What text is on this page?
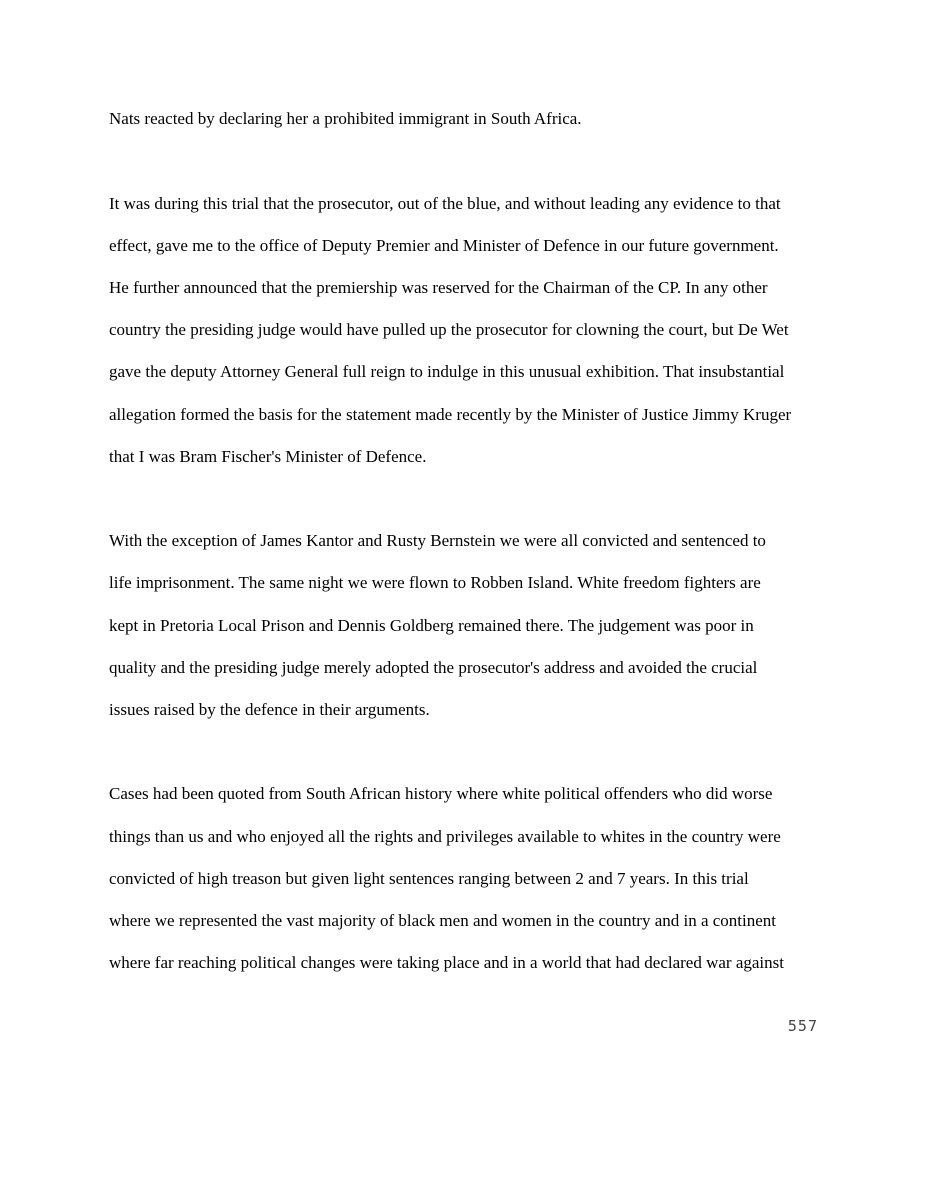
Nats reacted by declaring her a prohibited immigrant in South Africa.
It was during this trial that the prosecutor, out of the blue, and without leading any evidence to that
effect, gave me to the office of Deputy Premier and Minister of Defence in our future government.
He further announced that the premiership was reserved for the Chairman of the CP. In any other
country the presiding judge would have pulled up the prosecutor for clowning the court, but De Wet
gave the deputy Attorney General full reign to indulge in this unusual exhibition. That insubstantial
allegation formed the basis for the statement made recently by the Minister of Justice Jimmy Kruger
that I was Bram Fischer's Minister of Defence.
With the exception of James Kantor and Rusty Bernstein we were all convicted and sentenced to
life imprisonment. The same night we were flown to Robben Island. White freedom fighters are
kept in Pretoria Local Prison and Dennis Goldberg remained there. The judgement was poor in
quality and the presiding judge merely adopted the prosecutor's address and avoided the crucial
issues raised by the defence in their arguments.
Cases had been quoted from South African history where white political offenders who did worse
things than us and who enjoyed all the rights and privileges available to whites in the country were
convicted of high treason but given light sentences ranging between 2 and 7 years. In this trial
where we represented the vast majority of black men and women in the country and in a continent
where far reaching political changes were taking place and in a world that had declared war against
557
